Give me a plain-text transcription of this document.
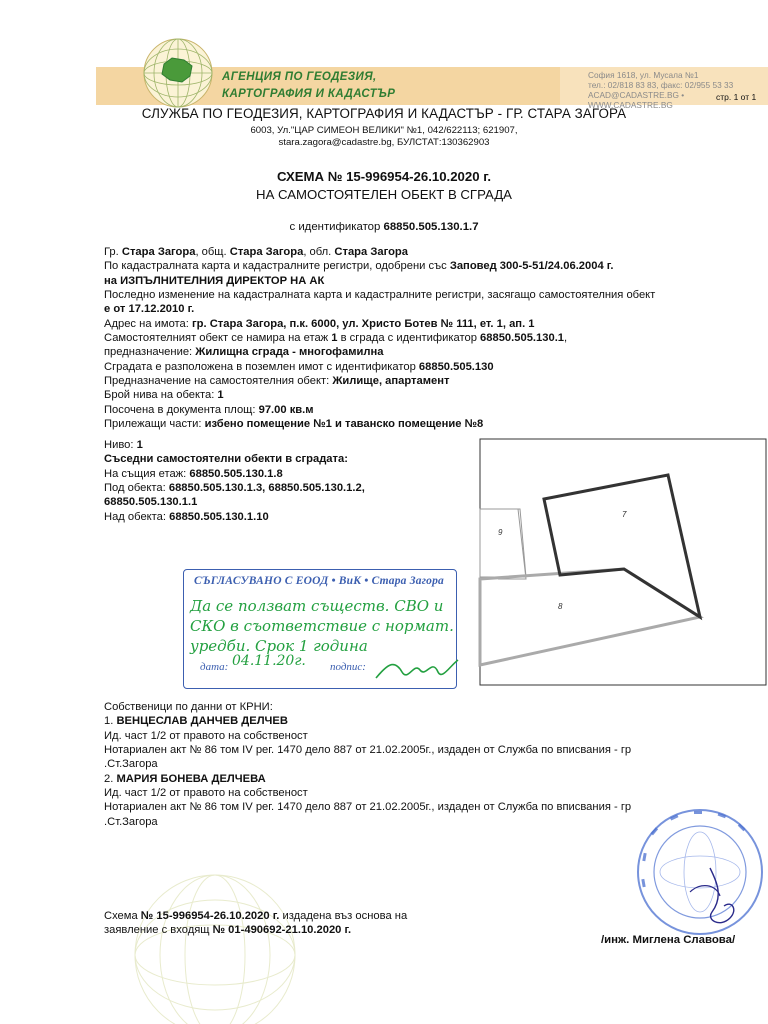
АГЕНЦИЯ ПО ГЕОДЕЗИЯ,
КАРТОГРАФИЯ И КАДАСТЪР
София 1618, ул. Мусала №1
тел.: 02/818 83 83, факс: 02/955 53 33
ACAD@CADASTRE.BG • WWW.CADASTRE.BG
стр. 1 от 1
СЛУЖБА ПО ГЕОДЕЗИЯ, КАРТОГРАФИЯ И КАДАСТЪР - ГР. СТАРА ЗАГОРА
6003, Ул."ЦАР СИМЕОН ВЕЛИКИ" №1, 042/622113; 621907,
stara.zagora@cadastre.bg, БУЛСТАТ:130362903
СХЕМА № 15-996954-26.10.2020 г.
НА САМОСТОЯТЕЛЕН ОБЕКТ В СГРАДА
с идентификатор 68850.505.130.1.7
Гр. Стара Загора, общ. Стара Загора, обл. Стара Загора
По кадастралната карта и кадастралните регистри, одобрени със Заповед 300-5-51/24.06.2004 г.
на ИЗПЪЛНИТЕЛНИЯ ДИРЕКТОР НА АК
Последно изменение на кадастралната карта и кадастралните регистри, засягащо самостоятелния обект
е от 17.12.2010 г.
Адрес на имота: гр. Стара Загора, п.к. 6000, ул. Христо Ботев № 111, ет. 1, ап. 1
Самостоятелният обект се намира на етаж 1 в сграда с идентификатор 68850.505.130.1,
предназначение: Жилищна сграда - многофамилна
Сградата е разположена в поземлен имот с идентификатор 68850.505.130
Предназначение на самостоятелния обект: Жилище, апартамент
Брой нива на обекта: 1
Посочена в документа площ: 97.00 кв.м
Прилежащи части: избено помещение №1 и таванско помещение №8
Ниво: 1
Съседни самостоятелни обекти в сградата:
На същия етаж: 68850.505.130.1.8
Под обекта: 68850.505.130.1.3, 68850.505.130.1.2,
68850.505.130.1.1
Над обекта: 68850.505.130.1.10	7
8
9
СЪГЛАСУВАНО С ЕООД • ВиК • Стара Загора
Да се ползват съществ. СВО и
СКО в съответствие с нормат.
уредби. Срок 1 година
дата: 04.11.20г. подпис:
Собственици по данни от КРНИ:
1. ВЕНЦЕСЛАВ ДАНЧЕВ ДЕЛЧЕВ
Ид. част 1/2 от правото на собственост
Нотариален акт № 86 том IV рег. 1470 дело 887 от 21.02.2005г., издаден от Служба по вписвания - гр
.Ст.Загора
2. МАРИЯ БОНЕВА ДЕЛЧЕВА
Ид. част 1/2 от правото на собственост
Нотариален акт № 86 том IV рег. 1470 дело 887 от 21.02.2005г., издаден от Служба по вписвания - гр
.Ст.Загора
Схема № 15-996954-26.10.2020 г. издадена въз основа на
заявление с входящ № 01-490692-21.10.2020 г.
/инж. Миглена Славова/
